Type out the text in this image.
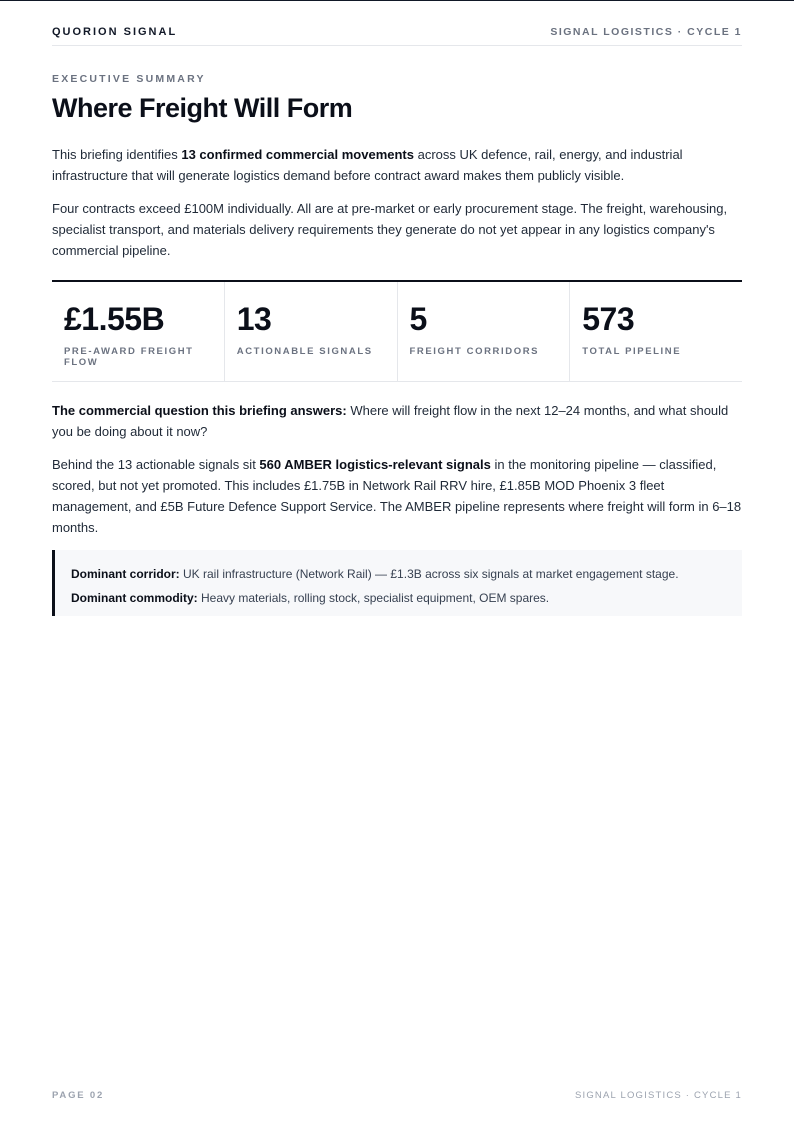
QUORION SIGNAL	SIGNAL LOGISTICS · CYCLE 1
EXECUTIVE SUMMARY
Where Freight Will Form

This briefing identifies 13 confirmed commercial movements across UK defence, rail, energy, and industrial infrastructure that will generate logistics demand before contract award makes them publicly visible.

Four contracts exceed £100M individually. All are at pre-market or early procurement stage. The freight, warehousing, specialist transport, and materials delivery requirements they generate do not yet appear in any logistics company's commercial pipeline.

£1.55B
PRE-AWARD FREIGHT FLOW
13
ACTIONABLE SIGNALS
5
FREIGHT CORRIDORS
573
TOTAL PIPELINE

The commercial question this briefing answers: Where will freight flow in the next 12–24 months, and what should you be doing about it now?

Behind the 13 actionable signals sit 560 AMBER logistics-relevant signals in the monitoring pipeline — classified, scored, but not yet promoted. This includes £1.75B in Network Rail RRV hire, £1.85B MOD Phoenix 3 fleet management, and £5B Future Defence Support Service. The AMBER pipeline represents where freight will form in 6–18 months.

Dominant corridor: UK rail infrastructure (Network Rail) — £1.3B across six signals at market engagement stage.
Dominant commodity: Heavy materials, rolling stock, specialist equipment, OEM spares.
PAGE 02	SIGNAL LOGISTICS · CYCLE 1
